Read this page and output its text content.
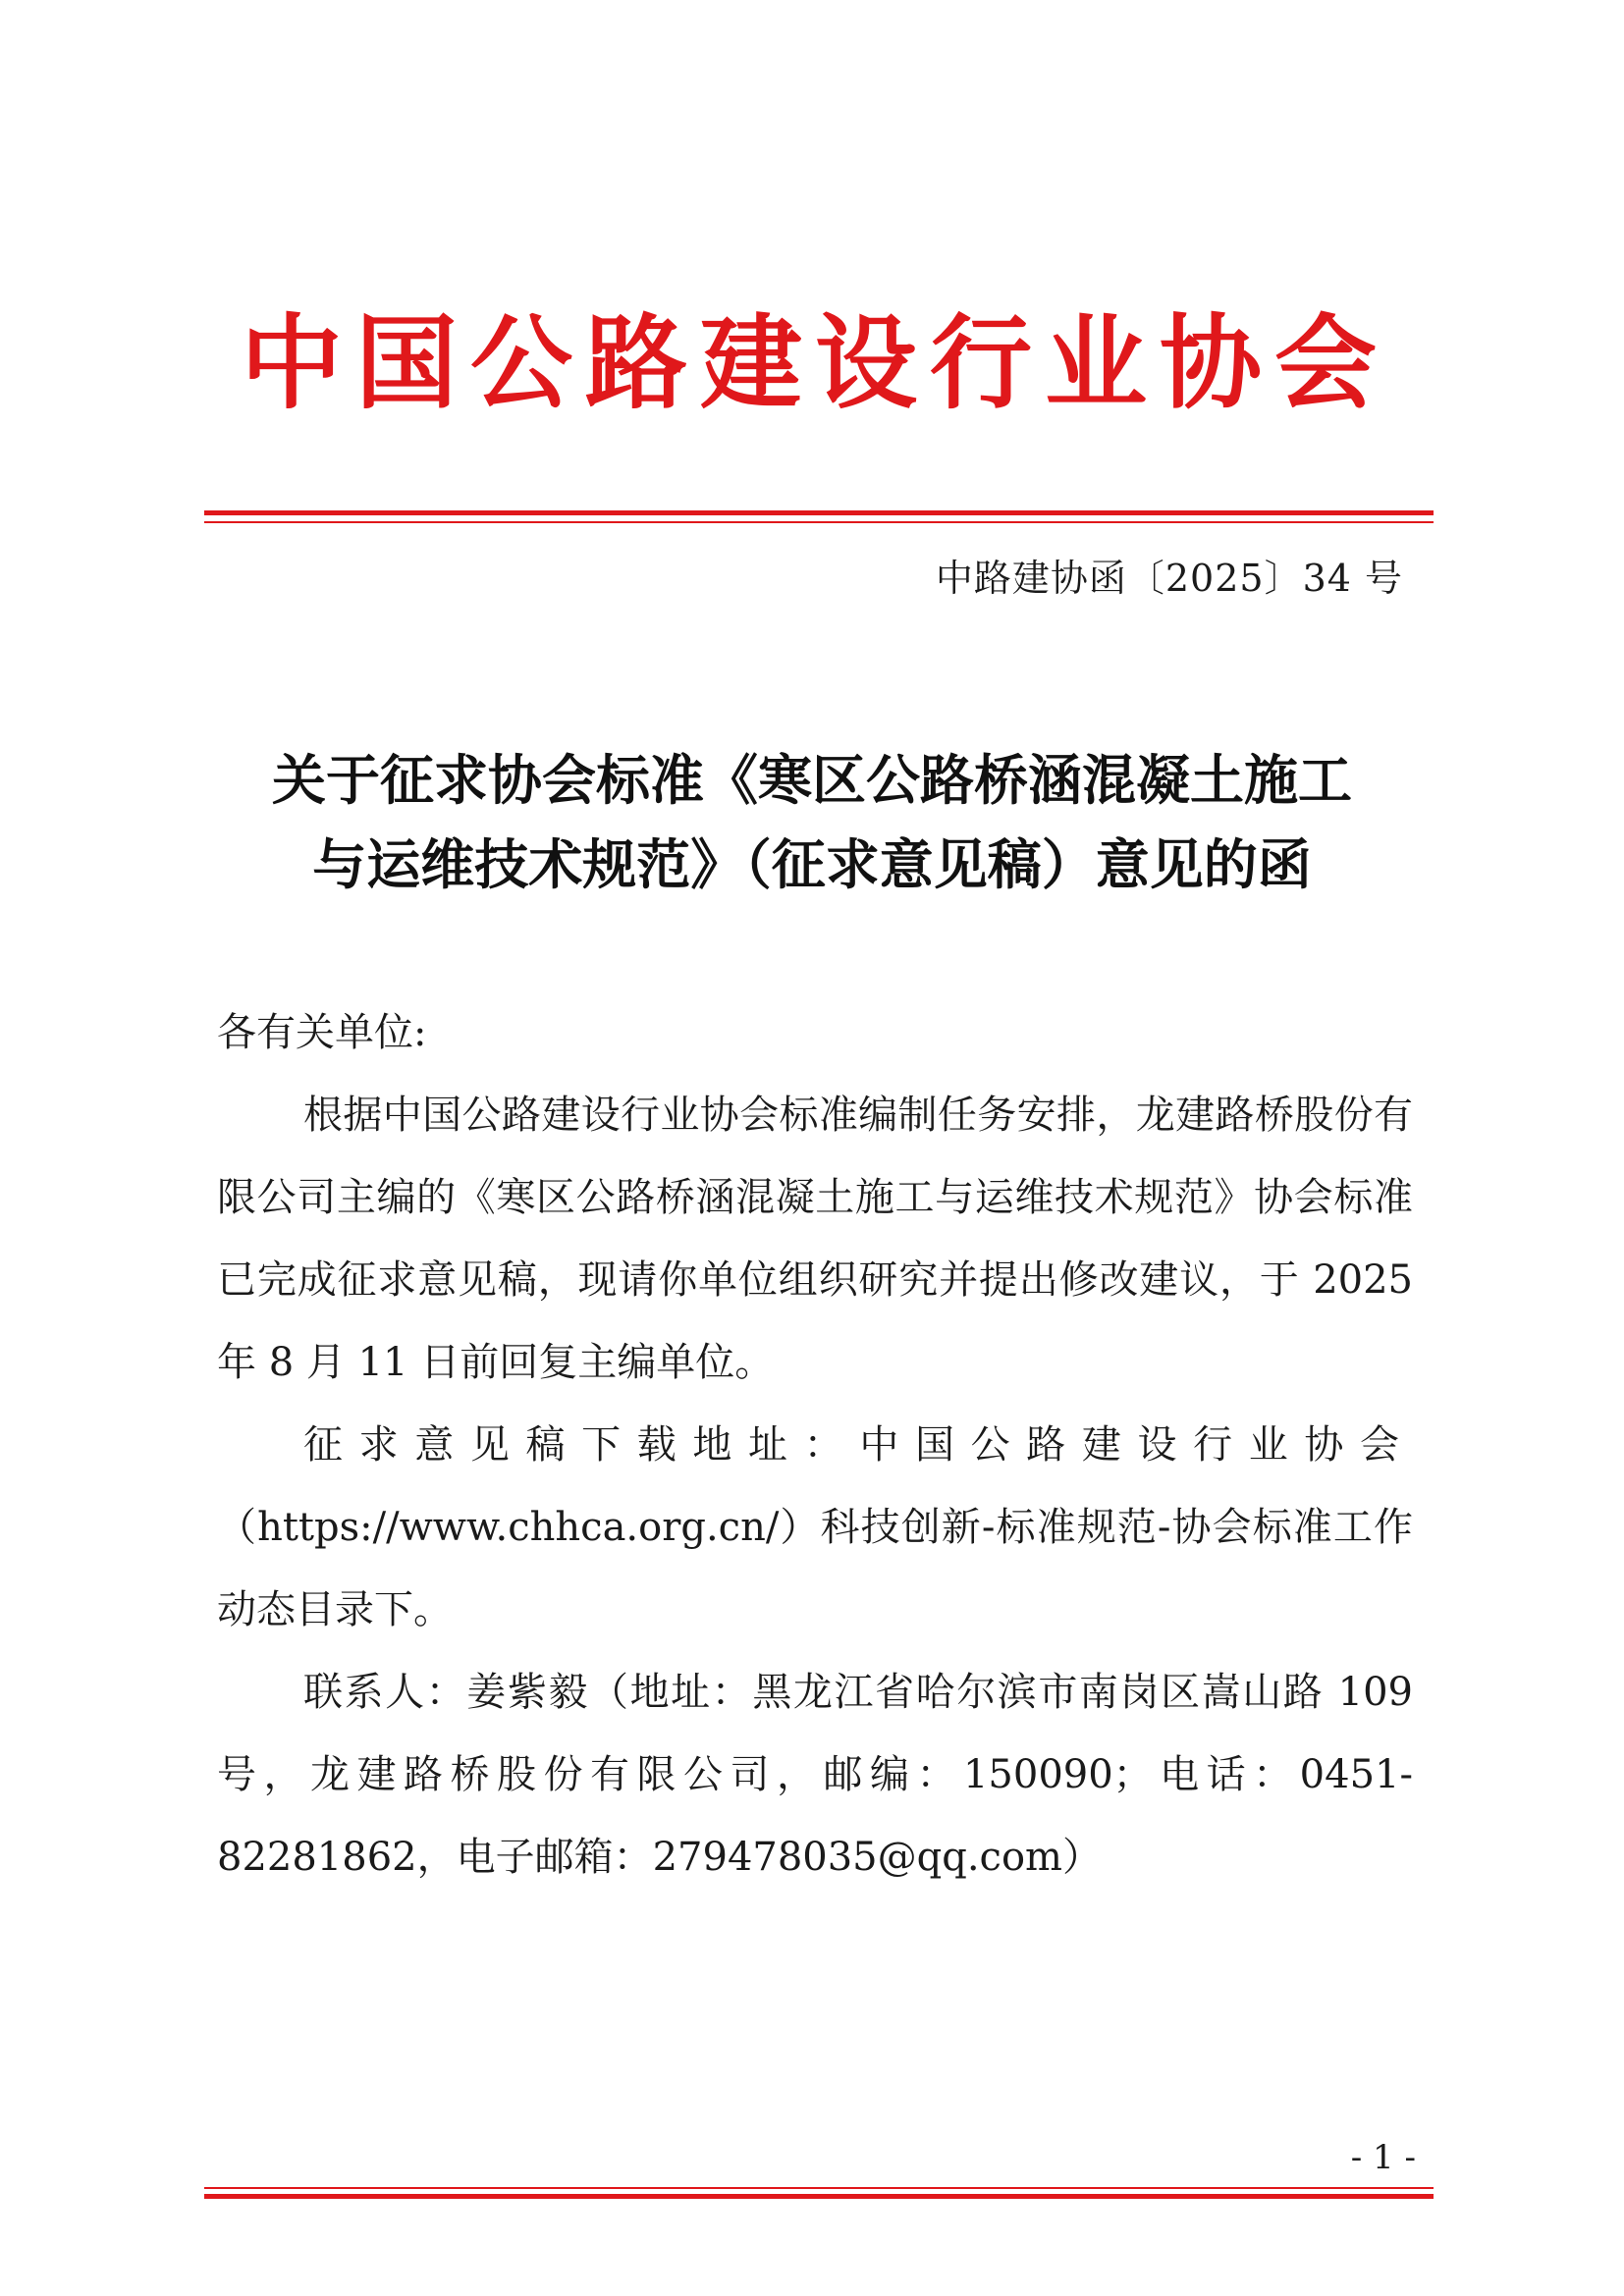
中国公路建设行业协会
中路建协函〔2025〕34 号
关于征求协会标准《寒区公路桥涵混凝土施工
与运维技术规范》（征求意见稿）意见的函

各有关单位:

根据中国公路建设行业协会标准编制任务安排，龙建路桥股份有限公司主编的《寒区公路桥涵混凝土施工与运维技术规范》协会标准已完成征求意见稿，现请你单位组织研究并提出修改建议，于 2025 年 8 月 11 日前回复主编单位。

征求意见稿下载地址：中国公路建设行业协会（https://www.chhca.org.cn/）科技创新-标准规范-协会标准工作动态目录下。

联系人：姜紫毅（地址：黑龙江省哈尔滨市南岗区嵩山路 109 号，龙建路桥股份有限公司，邮编：150090；电话：0451-82281862，电子邮箱：279478035@qq.com）

- 1 -
